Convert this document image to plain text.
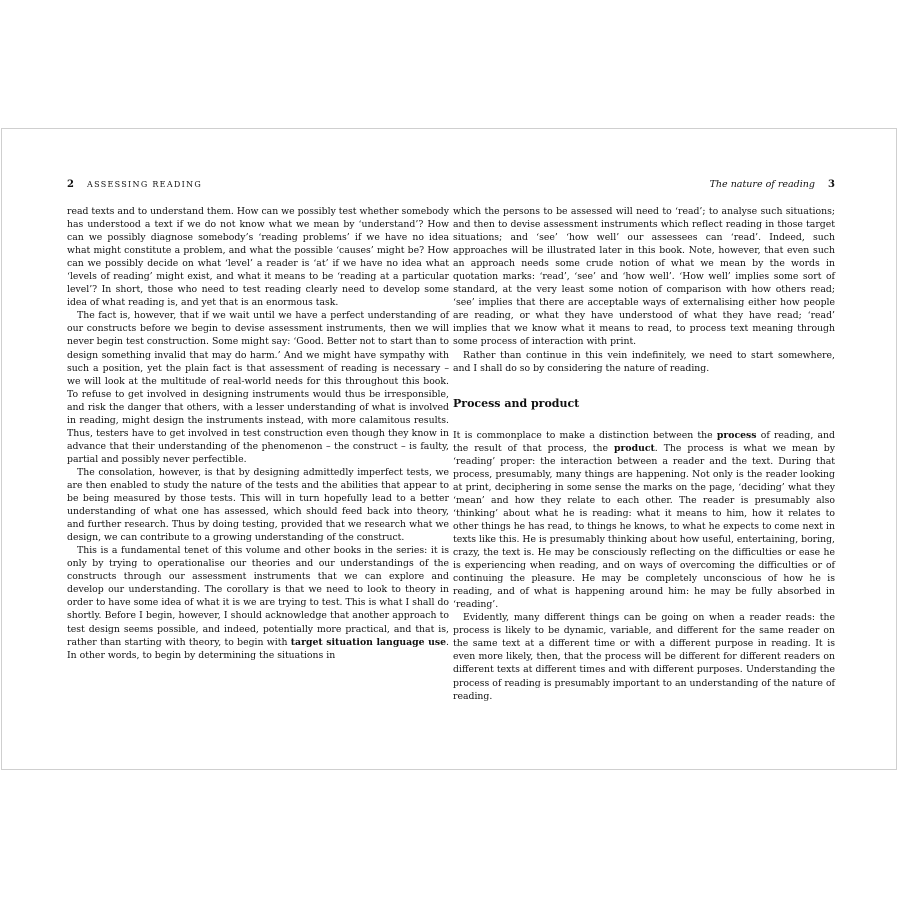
2 ASSESSING READING

read texts and to understand them. How can we possibly test whether somebody has understood a text if we do not know what we mean by ‘understand’? How can we possibly diagnose somebody’s ‘reading problems’ if we have no idea what might constitute a problem, and what the possible ‘causes’ might be? How can we possibly decide on what ‘level’ a reader is ‘at’ if we have no idea what ‘levels of reading’ might exist, and what it means to be ‘reading at a particular level’? In short, those who need to test reading clearly need to develop some idea of what reading is, and yet that is an enormous task.

The fact is, however, that if we wait until we have a perfect understanding of our constructs before we begin to devise assessment instruments, then we will never begin test construction. Some might say: ‘Good. Better not to start than to design something invalid that may do harm.’ And we might have sympathy with such a position, yet the plain fact is that assessment of reading is necessary – we will look at the multitude of real-world needs for this throughout this book. To refuse to get involved in designing instruments would thus be irresponsible, and risk the danger that others, with a lesser understanding of what is involved in reading, might design the instruments instead, with more calamitous results. Thus, testers have to get involved in test construction even though they know in advance that their understanding of the phenomenon – the construct – is faulty, partial and possibly never perfectible.

The consolation, however, is that by designing admittedly imperfect tests, we are then enabled to study the nature of the tests and the abilities that appear to be being measured by those tests. This will in turn hopefully lead to a better understanding of what one has assessed, which should feed back into theory, and further research. Thus by doing testing, provided that we research what we design, we can contribute to a growing understanding of the construct.

This is a fundamental tenet of this volume and other books in the series: it is only by trying to operationalise our theories and our understandings of the constructs through our assessment instruments that we can explore and develop our understanding. The corollary is that we need to look to theory in order to have some idea of what it is we are trying to test. This is what I shall do shortly. Before I begin, however, I should acknowledge that another approach to test design seems possible, and indeed, potentially more practical, and that is, rather than starting with theory, to begin with target situation language use. In other words, to begin by determining the situations in

The nature of reading 3

which the persons to be assessed will need to ‘read’; to analyse such situations; and then to devise assessment instruments which reflect reading in those target situations; and ‘see’ ‘how well’ our assessees can ‘read’. Indeed, such approaches will be illustrated later in this book. Note, however, that even such an approach needs some crude notion of what we mean by the words in quotation marks: ‘read’, ‘see’ and ‘how well’. ‘How well’ implies some sort of standard, at the very least some notion of comparison with how others read; ‘see’ implies that there are acceptable ways of externalising either how people are reading, or what they have understood of what they have read; ‘read’ implies that we know what it means to read, to process text meaning through some process of interaction with print.

Rather than continue in this vein indefinitely, we need to start somewhere, and I shall do so by considering the nature of reading.

Process and product

It is commonplace to make a distinction between the process of reading, and the result of that process, the product. The process is what we mean by ‘reading’ proper: the interaction between a reader and the text. During that process, presumably, many things are happening. Not only is the reader looking at print, deciphering in some sense the marks on the page, ‘deciding’ what they ‘mean’ and how they relate to each other. The reader is presumably also ‘thinking’ about what he is reading: what it means to him, how it relates to other things he has read, to things he knows, to what he expects to come next in texts like this. He is presumably thinking about how useful, entertaining, boring, crazy, the text is. He may be consciously reflecting on the difficulties or ease he is experiencing when reading, and on ways of overcoming the difficulties or of continuing the pleasure. He may be completely unconscious of how he is reading, and of what is happening around him: he may be fully absorbed in ‘reading’.

Evidently, many different things can be going on when a reader reads: the process is likely to be dynamic, variable, and different for the same reader on the same text at a different time or with a different purpose in reading. It is even more likely, then, that the process will be different for different readers on different texts at different times and with different purposes. Understanding the process of reading is presumably important to an understanding of the nature of reading.
